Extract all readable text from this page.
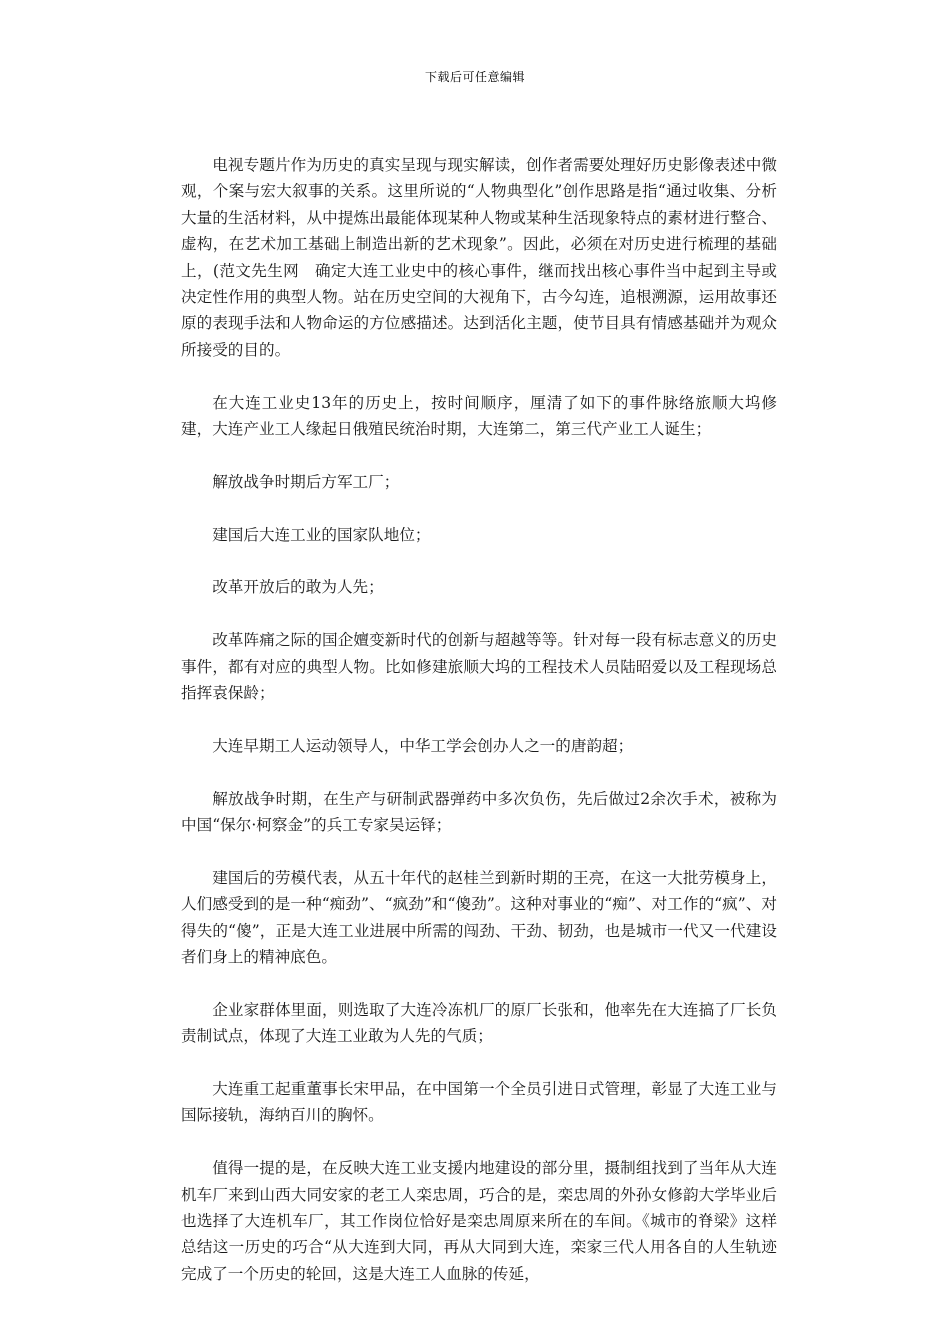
下载后可任意编辑

电视专题片作为历史的真实呈现与现实解读，创作者需要处理好历史影像表述中微观，个案与宏大叙事的关系。这里所说的“人物典型化”创作思路是指“通过收集、分析大量的生活材料，从中提炼出最能体现某种人物或某种生活现象特点的素材进行整合、虚构，在艺术加工基础上制造出新的艺术现象”。因此，必须在对历史进行梳理的基础上，(范文先生网　确定大连工业史中的核心事件，继而找出核心事件当中起到主导或决定性作用的典型人物。站在历史空间的大视角下，古今勾连，追根溯源，运用故事还原的表现手法和人物命运的方位感描述。达到活化主题，使节目具有情感基础并为观众所接受的目的。

在大连工业史13年的历史上，按时间顺序，厘清了如下的事件脉络旅顺大坞修建，大连产业工人缘起日俄殖民统治时期，大连第二，第三代产业工人诞生；

解放战争时期后方军工厂；

建国后大连工业的国家队地位；

改革开放后的敢为人先；

改革阵痛之际的国企嬗变新时代的创新与超越等等。针对每一段有标志意义的历史事件，都有对应的典型人物。比如修建旅顺大坞的工程技术人员陆昭爱以及工程现场总指挥袁保龄；

大连早期工人运动领导人，中华工学会创办人之一的唐韵超；

解放战争时期，在生产与研制武器弹药中多次负伤，先后做过2余次手术，被称为中国“保尔·柯察金”的兵工专家吴运铎；

建国后的劳模代表，从五十年代的赵桂兰到新时期的王亮，在这一大批劳模身上，人们感受到的是一种“痴劲”、“疯劲”和“傻劲”。这种对事业的“痴”、对工作的“疯”、对得失的“傻”，正是大连工业进展中所需的闯劲、干劲、韧劲，也是城市一代又一代建设者们身上的精神底色。

企业家群体里面，则选取了大连冷冻机厂的原厂长张和，他率先在大连搞了厂长负责制试点，体现了大连工业敢为人先的气质；

大连重工起重董事长宋甲品，在中国第一个全员引进日式管理，彰显了大连工业与国际接轨，海纳百川的胸怀。

值得一提的是，在反映大连工业支援内地建设的部分里，摄制组找到了当年从大连机车厂来到山西大同安家的老工人栾忠周，巧合的是，栾忠周的外孙女修韵大学毕业后也选择了大连机车厂，其工作岗位恰好是栾忠周原来所在的车间。《城市的脊梁》这样总结这一历史的巧合“从大连到大同，再从大同到大连，栾家三代人用各自的人生轨迹完成了一个历史的轮回，这是大连工人血脉的传延，
